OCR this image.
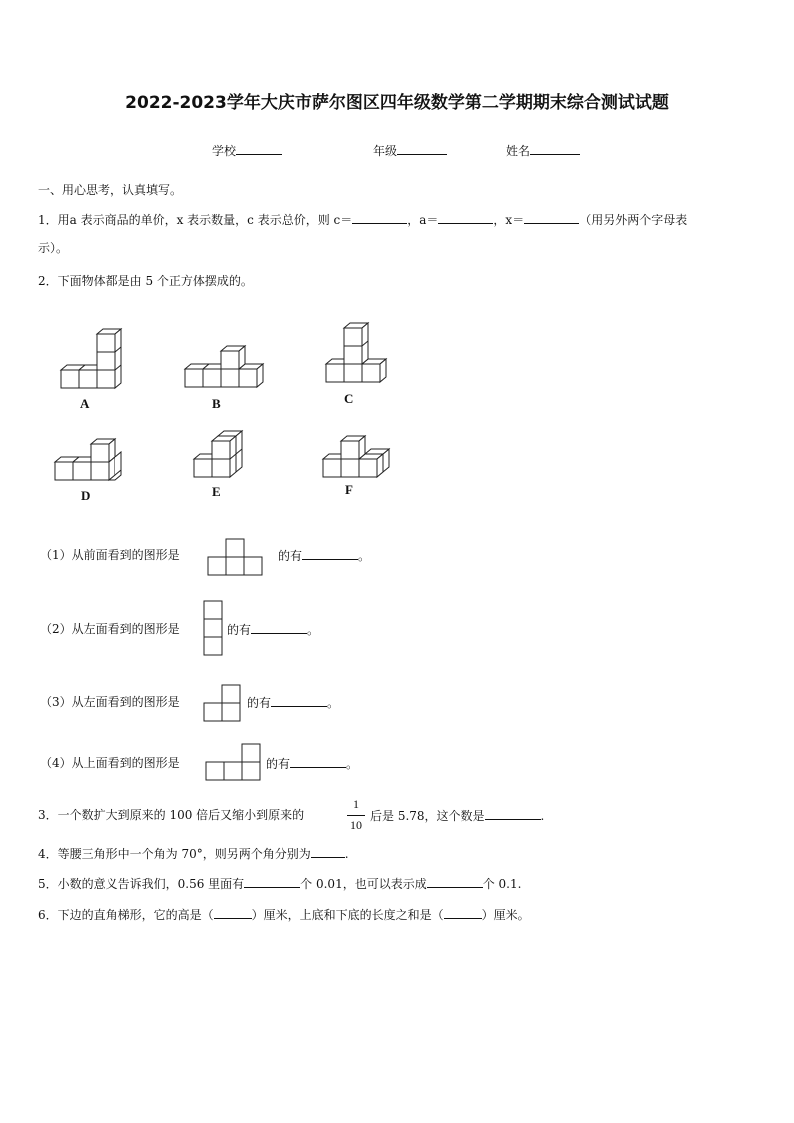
2022-2023学年大庆市萨尔图区四年级数学第二学期期末综合测试试题
学校	年级	姓名
一、用心思考，认真填写。
1．用a 表示商品的单价，x 表示数量，c 表示总价，则 c＝	，a＝	，x＝	（用另外两个字母表
示）。
2．下面物体都是由 5 个正方体摆成的。
A	B	C
D	E	F
（1）从前面看到的图形是	的有	。
（2）从左面看到的图形是	的有	。
（3）从左面看到的图形是	的有	。
（4）从上面看到的图形是	的有	。
3．一个数扩大到原来的 100 倍后又缩小到原来的
1
10
后是 5.78，这个数是	.
4．等腰三角形中一个角为 70°，则另两个角分别为	.
5．小数的意义告诉我们，0.56 里面有	个 0.01，也可以表示成	个 0.1.
6．下边的直角梯形，它的高是（	）厘米，上底和下底的长度之和是（	）厘米。
